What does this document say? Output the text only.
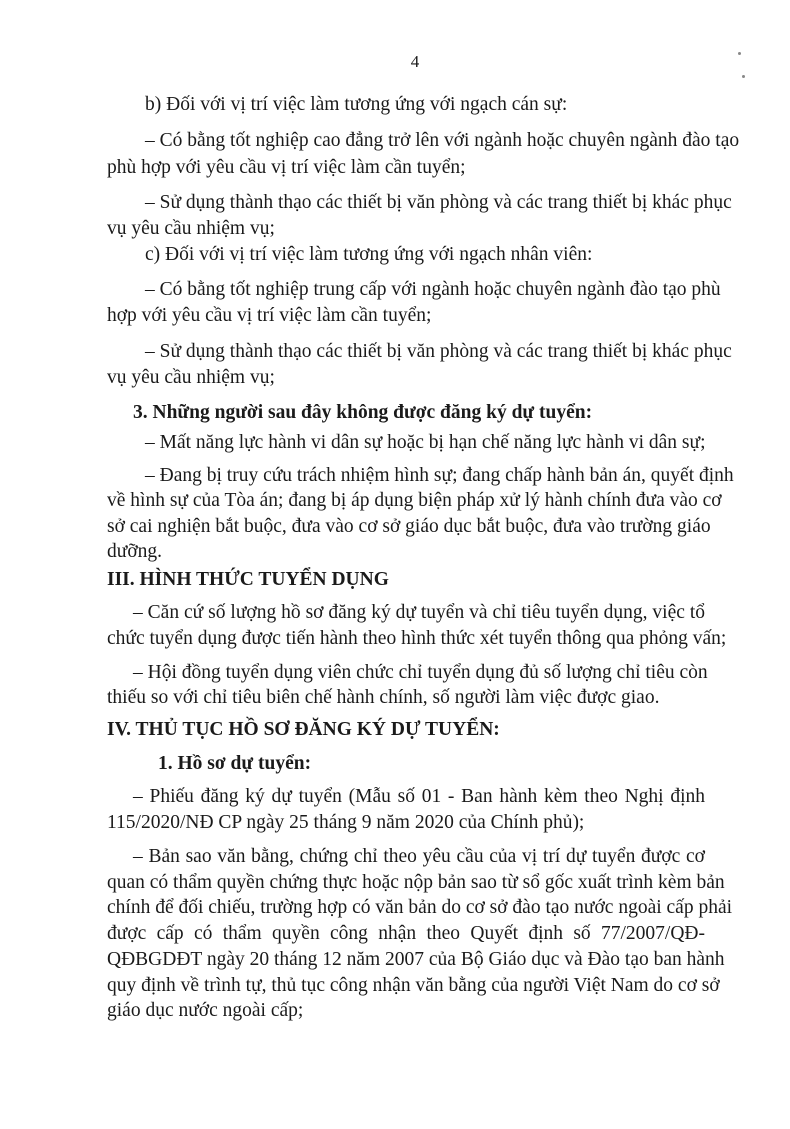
4
b) Đối với vị trí việc làm tương ứng với ngạch cán sự:
– Có bằng tốt nghiệp cao đẳng trở lên với ngành hoặc chuyên ngành đào tạo
phù hợp với yêu cầu vị trí việc làm cần tuyển;
– Sử dụng thành thạo các thiết bị văn phòng và các trang thiết bị khác phục
vụ yêu cầu nhiệm vụ;
c) Đối với vị trí việc làm tương ứng với ngạch nhân viên:
– Có bằng tốt nghiệp trung cấp với ngành hoặc chuyên ngành đào tạo phù
hợp với yêu cầu vị trí việc làm cần tuyển;
– Sử dụng thành thạo các thiết bị văn phòng và các trang thiết bị khác phục
vụ yêu cầu nhiệm vụ;
3. Những người sau đây không được đăng ký dự tuyển:
– Mất năng lực hành vi dân sự hoặc bị hạn chế năng lực hành vi dân sự;
– Đang bị truy cứu trách nhiệm hình sự; đang chấp hành bản án, quyết định
về hình sự của Tòa án; đang bị áp dụng biện pháp xử lý hành chính đưa vào cơ
sở cai nghiện bắt buộc, đưa vào cơ sở giáo dục bắt buộc, đưa vào trường giáo
dưỡng.
III. HÌNH THỨC TUYỂN DỤNG
– Căn cứ số lượng hồ sơ đăng ký dự tuyển và chỉ tiêu tuyển dụng, việc tổ
chức tuyển dụng được tiến hành theo hình thức xét tuyển thông qua phỏng vấn;
– Hội đồng tuyển dụng viên chức chỉ tuyển dụng đủ số lượng chỉ tiêu còn
thiếu so với chỉ tiêu biên chế hành chính, số người làm việc được giao.
IV. THỦ TỤC HỒ SƠ ĐĂNG KÝ DỰ TUYỂN:
1. Hồ sơ dự tuyển:
– Phiếu đăng ký dự tuyển (Mẫu số 01 - Ban hành kèm theo Nghị định
115/2020/NĐ CP ngày 25 tháng 9 năm 2020 của Chính phủ);
– Bản sao văn bằng, chứng chỉ theo yêu cầu của vị trí dự tuyển được cơ
quan có thẩm quyền chứng thực hoặc nộp bản sao từ sổ gốc xuất trình kèm bản
chính để đối chiếu, trường hợp có văn bản do cơ sở đào tạo nước ngoài cấp phải
được cấp có thẩm quyền công nhận theo Quyết định số 77/2007/QĐ-
QĐBGDĐT ngày 20 tháng 12 năm 2007 của Bộ Giáo dục và Đào tạo ban hành
quy định về trình tự, thủ tục công nhận văn bằng của người Việt Nam do cơ sở
giáo dục nước ngoài cấp;
